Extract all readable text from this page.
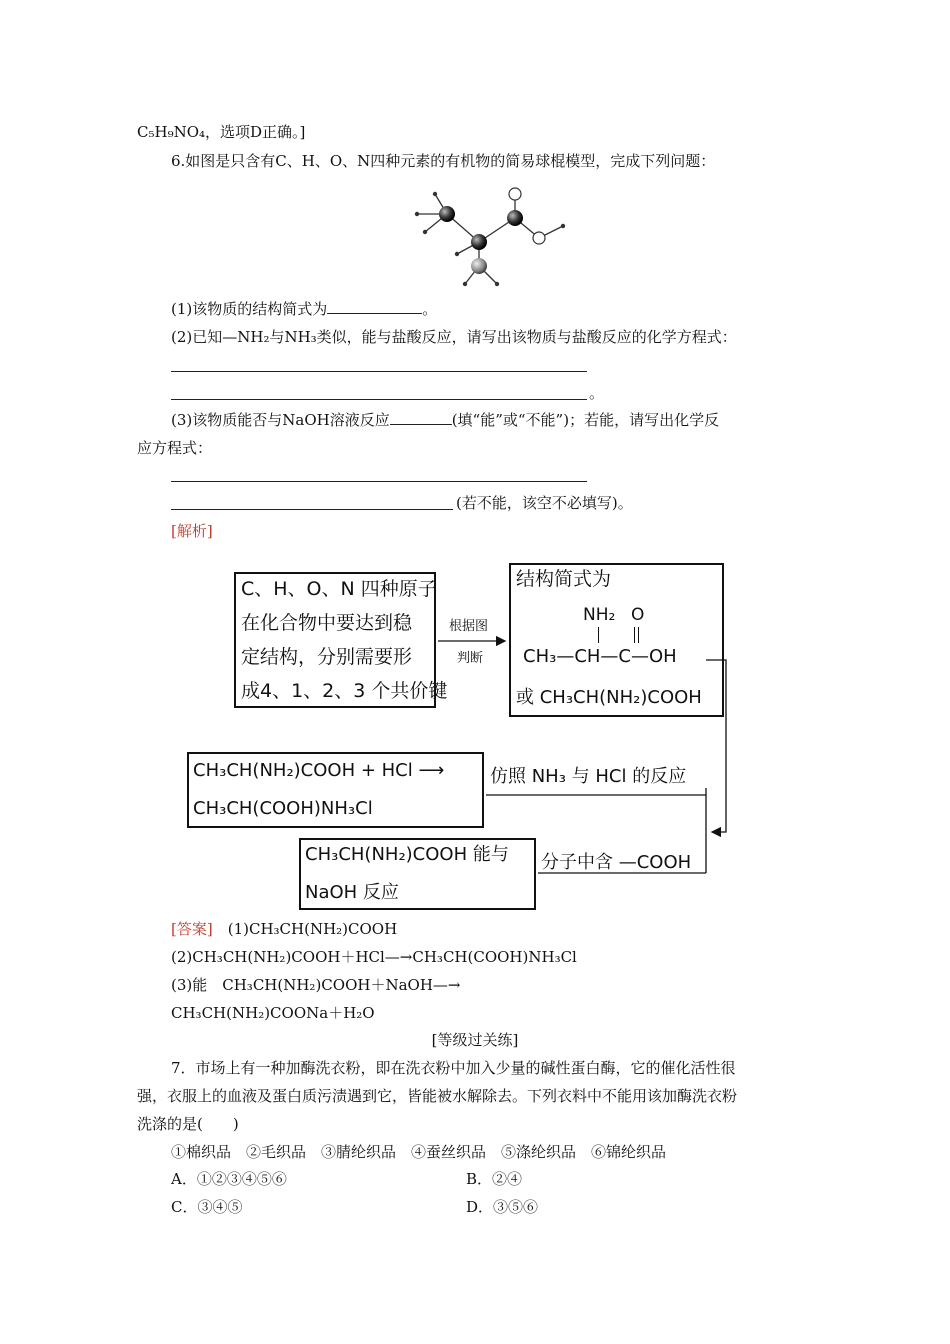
C₅H₉NO₄，选项D正确。]
6.如图是只含有C、H、O、N四种元素的有机物的简易球棍模型，完成下列问题：
(1)该物质的结构简式为	。
(2)已知—NH₂与NH₃类似，能与盐酸反应，请写出该物质与盐酸反应的化学方程式：
。
(3)该物质能否与NaOH溶液反应	(填“能”或“不能”)；若能，请写出化学反
应方程式：
(若不能，该空不必填写)。
[解析]
C、H、O、N 四种原子
在化合物中要达到稳
定结构，分别需要形
成4、1、2、3 个共价键
根据图
判断
结构简式为
NH₂ O
CH₃—CH—C—OH
或 CH₃CH(NH₂)COOH
CH₃CH(NH₂)COOH + HCl ⟶
CH₃CH(COOH)NH₃Cl
仿照 NH₃ 与 HCl 的反应
CH₃CH(NH₂)COOH 能与
NaOH 反应
分子中含 —COOH
[答案]　 (1)CH₃CH(NH₂)COOH
(2)CH₃CH(NH₂)COOH＋HCl—→CH₃CH(COOH)NH₃Cl
(3)能　CH₃CH(NH₂)COOH＋NaOH—→
CH₃CH(NH₂)COONa＋H₂O
[等级过关练]
7．市场上有一种加酶洗衣粉，即在洗衣粉中加入少量的碱性蛋白酶，它的催化活性很
强，衣服上的血液及蛋白质污渍遇到它，皆能被水解除去。下列衣料中不能用该加酶洗衣粉
洗涤的是(　　)
①棉织品　②毛织品　③腈纶织品　④蚕丝织品　⑤涤纶织品　⑥锦纶织品
A．①②③④⑤⑥	B．②④
C．③④⑤	D．③⑤⑥
